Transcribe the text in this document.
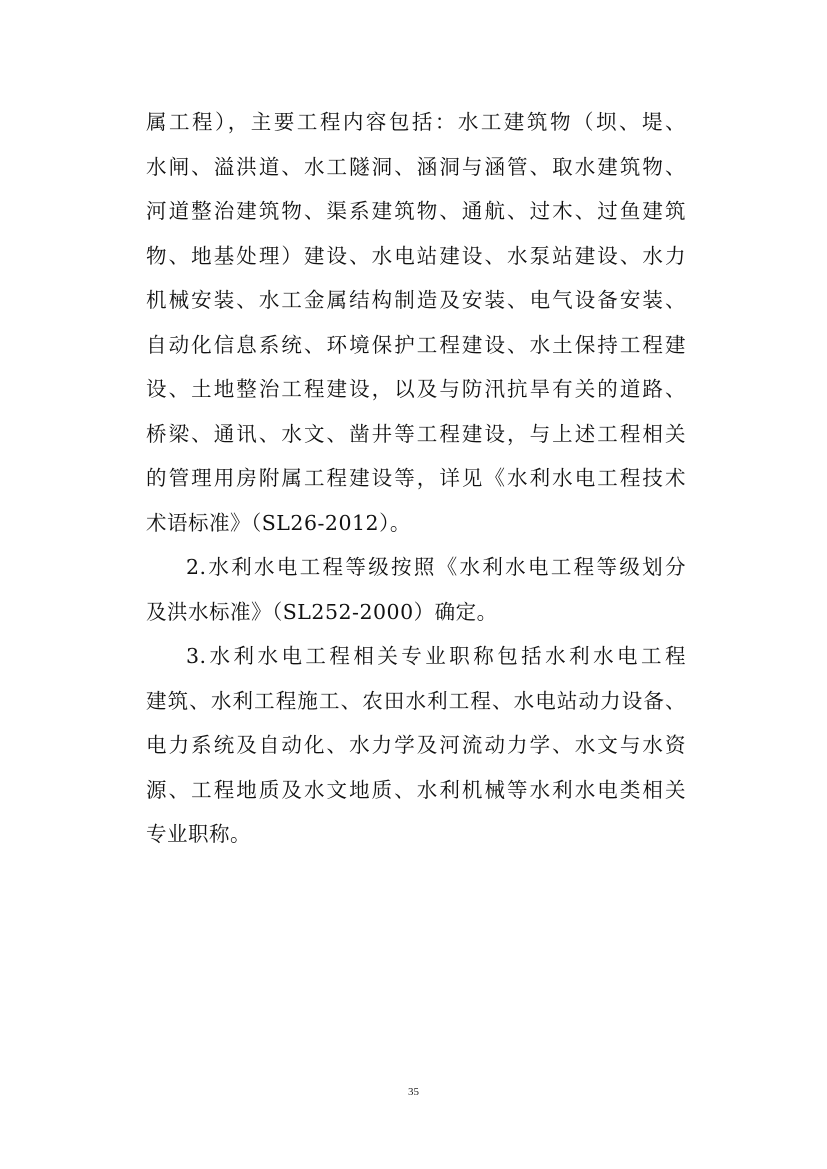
属工程），主要工程内容包括：水工建筑物（坝、堤、
水闸、溢洪道、水工隧洞、涵洞与涵管、取水建筑物、
河道整治建筑物、渠系建筑物、通航、过木、过鱼建筑
物、地基处理）建设、水电站建设、水泵站建设、水力
机械安装、水工金属结构制造及安装、电气设备安装、
自动化信息系统、环境保护工程建设、水土保持工程建
设、土地整治工程建设，以及与防汛抗旱有关的道路、
桥梁、通讯、水文、凿井等工程建设，与上述工程相关
的管理用房附属工程建设等，详见《水利水电工程技术
术语标准》（SL26-2012）。
2.水利水电工程等级按照《水利水电工程等级划分
及洪水标准》（SL252-2000）确定。
3.水利水电工程相关专业职称包括水利水电工程
建筑、水利工程施工、农田水利工程、水电站动力设备、
电力系统及自动化、水力学及河流动力学、水文与水资
源、工程地质及水文地质、水利机械等水利水电类相关
专业职称。
35
